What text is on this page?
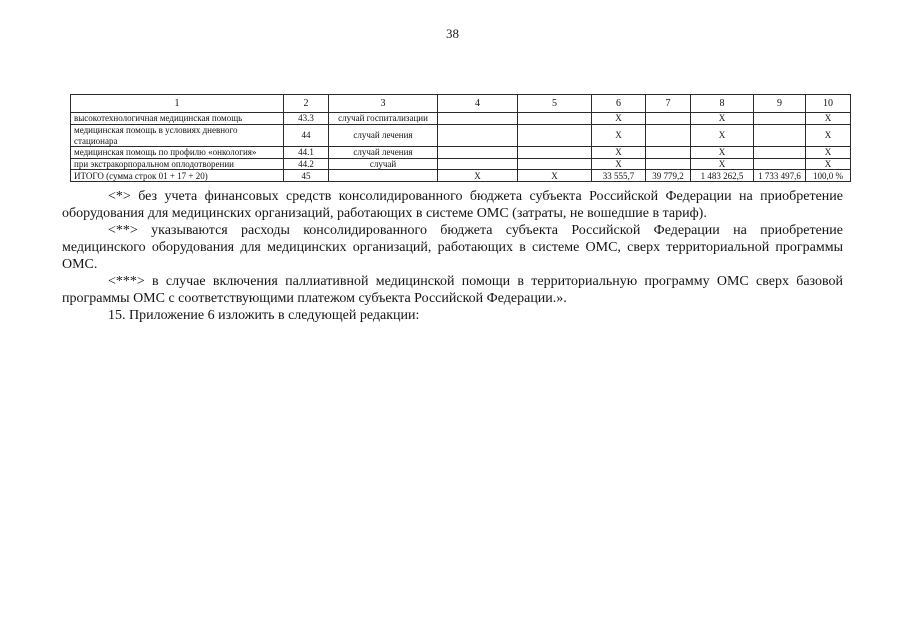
38
1	2	3	4	5	6	7	8	9	10
высокотехнологичная медицинская помощь	43.3	случай госпитализации			X		X		X
медицинская помощь в условиях дневного стационара	44	случай лечения			X		X		X
медицинская помощь по профилю «онкология»	44.1	случай лечения			X		X		X
при экстракорпоральном оплодотворении	44.2	случай			X		X		X
ИТОГО (сумма строк 01 + 17 + 20)	45		X	X	33 555,7	39 779,2	1 483 262,5	1 733 497,6	100,0 %

<*> без учета финансовых средств консолидированного бюджета субъекта Российской Федерации на приобретение
оборудования для медицинских организаций, работающих в системе ОМС (затраты, не вошедшие в тариф).

<**> указываются расходы консолидированного бюджета субъекта Российской Федерации на приобретение
медицинского оборудования для медицинских организаций, работающих в системе ОМС, сверх территориальной программы
ОМС.

<***> в случае включения паллиативной медицинской помощи в территориальную программу ОМС сверх базовой
программы ОМС с соответствующими платежом субъекта Российской Федерации.».

15. Приложение 6 изложить в следующей редакции:
